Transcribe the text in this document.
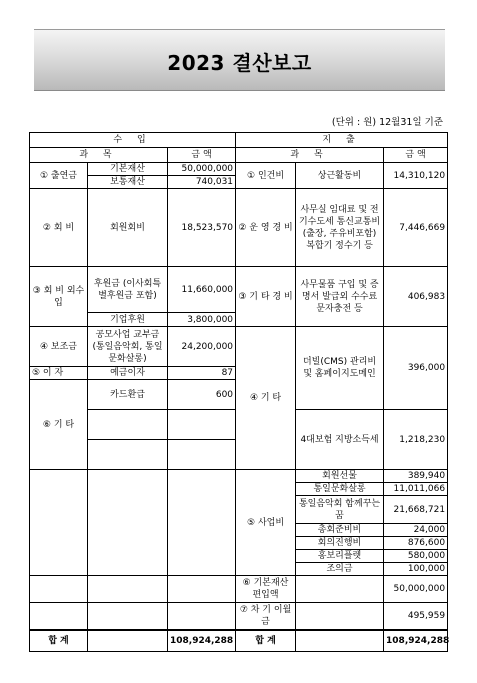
2023 결산보고
(단위 : 원) 12월31일 기준
수 입			지 출		
과 목		금 액	과 목		금 액
① 출연금	기본재산	50,000,000	① 인건비	상근활동비	14,310,120
	보통재산	740,031			
② 회 비	회원회비	18,523,570	② 운 영 경 비	사무실 임대료 및 전기수도세 통신교통비(출장, 주유비포함) 복합기 정수기 등	7,446,669
③ 회 비 외수입	후원금 (이사회특별후원금 포함)	11,660,000	③ 기 타 경 비	사무물품 구입 및 증명서 발급외 수수료 문자충전 등	406,983
	기업후원	3,800,000			
④ 보조금	공모사업 교부금 (통일음악회, 통일문화살롱)	24,200,000	④ 기 타	더빌(CMS) 관리비 및 홈페이지도메인	396,000
⑤ 이 자	예금이자	87			
⑥ 기 타	카드환급	600			
				4대보험 지방소득세	1,218,230

			⑤ 사업비	회원선물	389,940
				통일문화살롱	11,011,066
				통일음악회 함께꾸는 꿈	21,668,721

				총회준비비	24,000
				회의진행비	876,600
				홍보리플렛	580,000
				조의금	100,000
			⑥ 기본재산 편입액		50,000,000
			⑦ 차 기 이월금		495,959
합 계		108,924,288	합 계		108,924,288
